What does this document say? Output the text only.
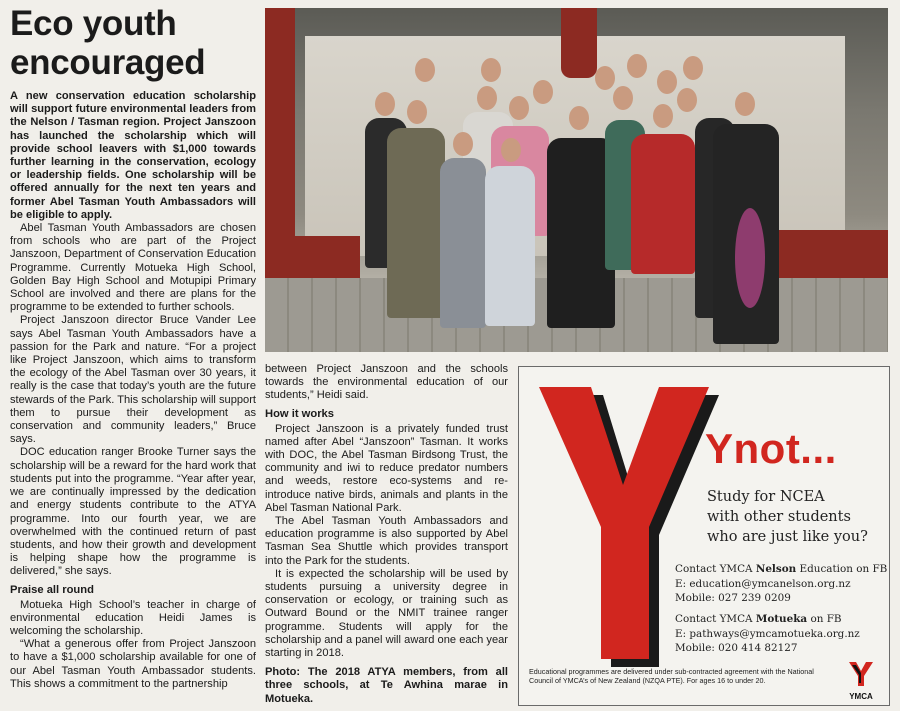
Eco youth encouraged

A new conservation education scholarship will support future environmental leaders from the Nelson / Tasman region. Project Janszoon has launched the scholarship which will provide school leavers with $1,000 towards further learning in the conservation, ecology or leadership fields. One scholarship will be offered annually for the next ten years and former Abel Tasman Youth Ambassadors will be eligible to apply.

Abel Tasman Youth Ambassadors are chosen from schools who are part of the Project Janszoon, Department of Conservation Education Programme. Currently Motueka High School, Golden Bay High School and Motupipi Primary School are involved and there are plans for the programme to be extended to further schools.

Project Janszoon director Bruce Vander Lee says Abel Tasman Youth Ambassadors have a passion for the Park and nature. “For a project like Project Janszoon, which aims to transform the ecology of the Abel Tasman over 30 years, it really is the case that today’s youth are the future stewards of the Park. This scholarship will support them to pursue their development as conservation and community leaders,” Bruce says.

DOC education ranger Brooke Turner says the scholarship will be a reward for the hard work that students put into the programme. “Year after year, we are continually impressed by the dedication and energy students contribute to the ATYA programme. Into our fourth year, we are overwhelmed with the continued return of past students, and how their growth and development is helping shape how the programme is delivered,” she says.

Praise all round

Motueka High School’s teacher in charge of environmental education Heidi James is welcoming the scholarship.

“What a generous offer from Project Janszoon to have a $1,000 scholarship available for one of our Abel Tasman Youth Ambassador students. This shows a commitment to the partnership

between Project Janszoon and the schools towards the environmental education of our students,” Heidi said.

How it works

Project Janszoon is a privately funded trust named after Abel “Janszoon” Tasman. It works with DOC, the Abel Tasman Birdsong Trust, the community and iwi to reduce predator numbers and weeds, restore eco-systems and re-introduce native birds, animals and plants in the Abel Tasman National Park.

The Abel Tasman Youth Ambassadors and education programme is also supported by Abel Tasman Sea Shuttle which provides transport into the Park for the students.

It is expected the scholarship will be used by students pursuing a university degree in conservation or ecology, or training such as Outward Bound or the NMIT trainee ranger programme. Students will apply for the scholarship and a panel will award one each year starting in 2018.

Photo: The 2018 ATYA members, from all three schools, at Te Awhina marae in Motueka.

Ynot...
Study for NCEA
with other students
who are just like you?
Contact YMCA Nelson Education on FB
E: education@ymcanelson.org.nz
Mobile: 027 239 0209
Contact YMCA Motueka on FB
E: pathways@ymcamotueka.org.nz
Mobile: 020 414 82127
Educational programmes are delivered under sub-contracted agreement with the National Council of YMCA’s of New Zealand (NZQA PTE). For ages 16 to under 20.
YMCA
